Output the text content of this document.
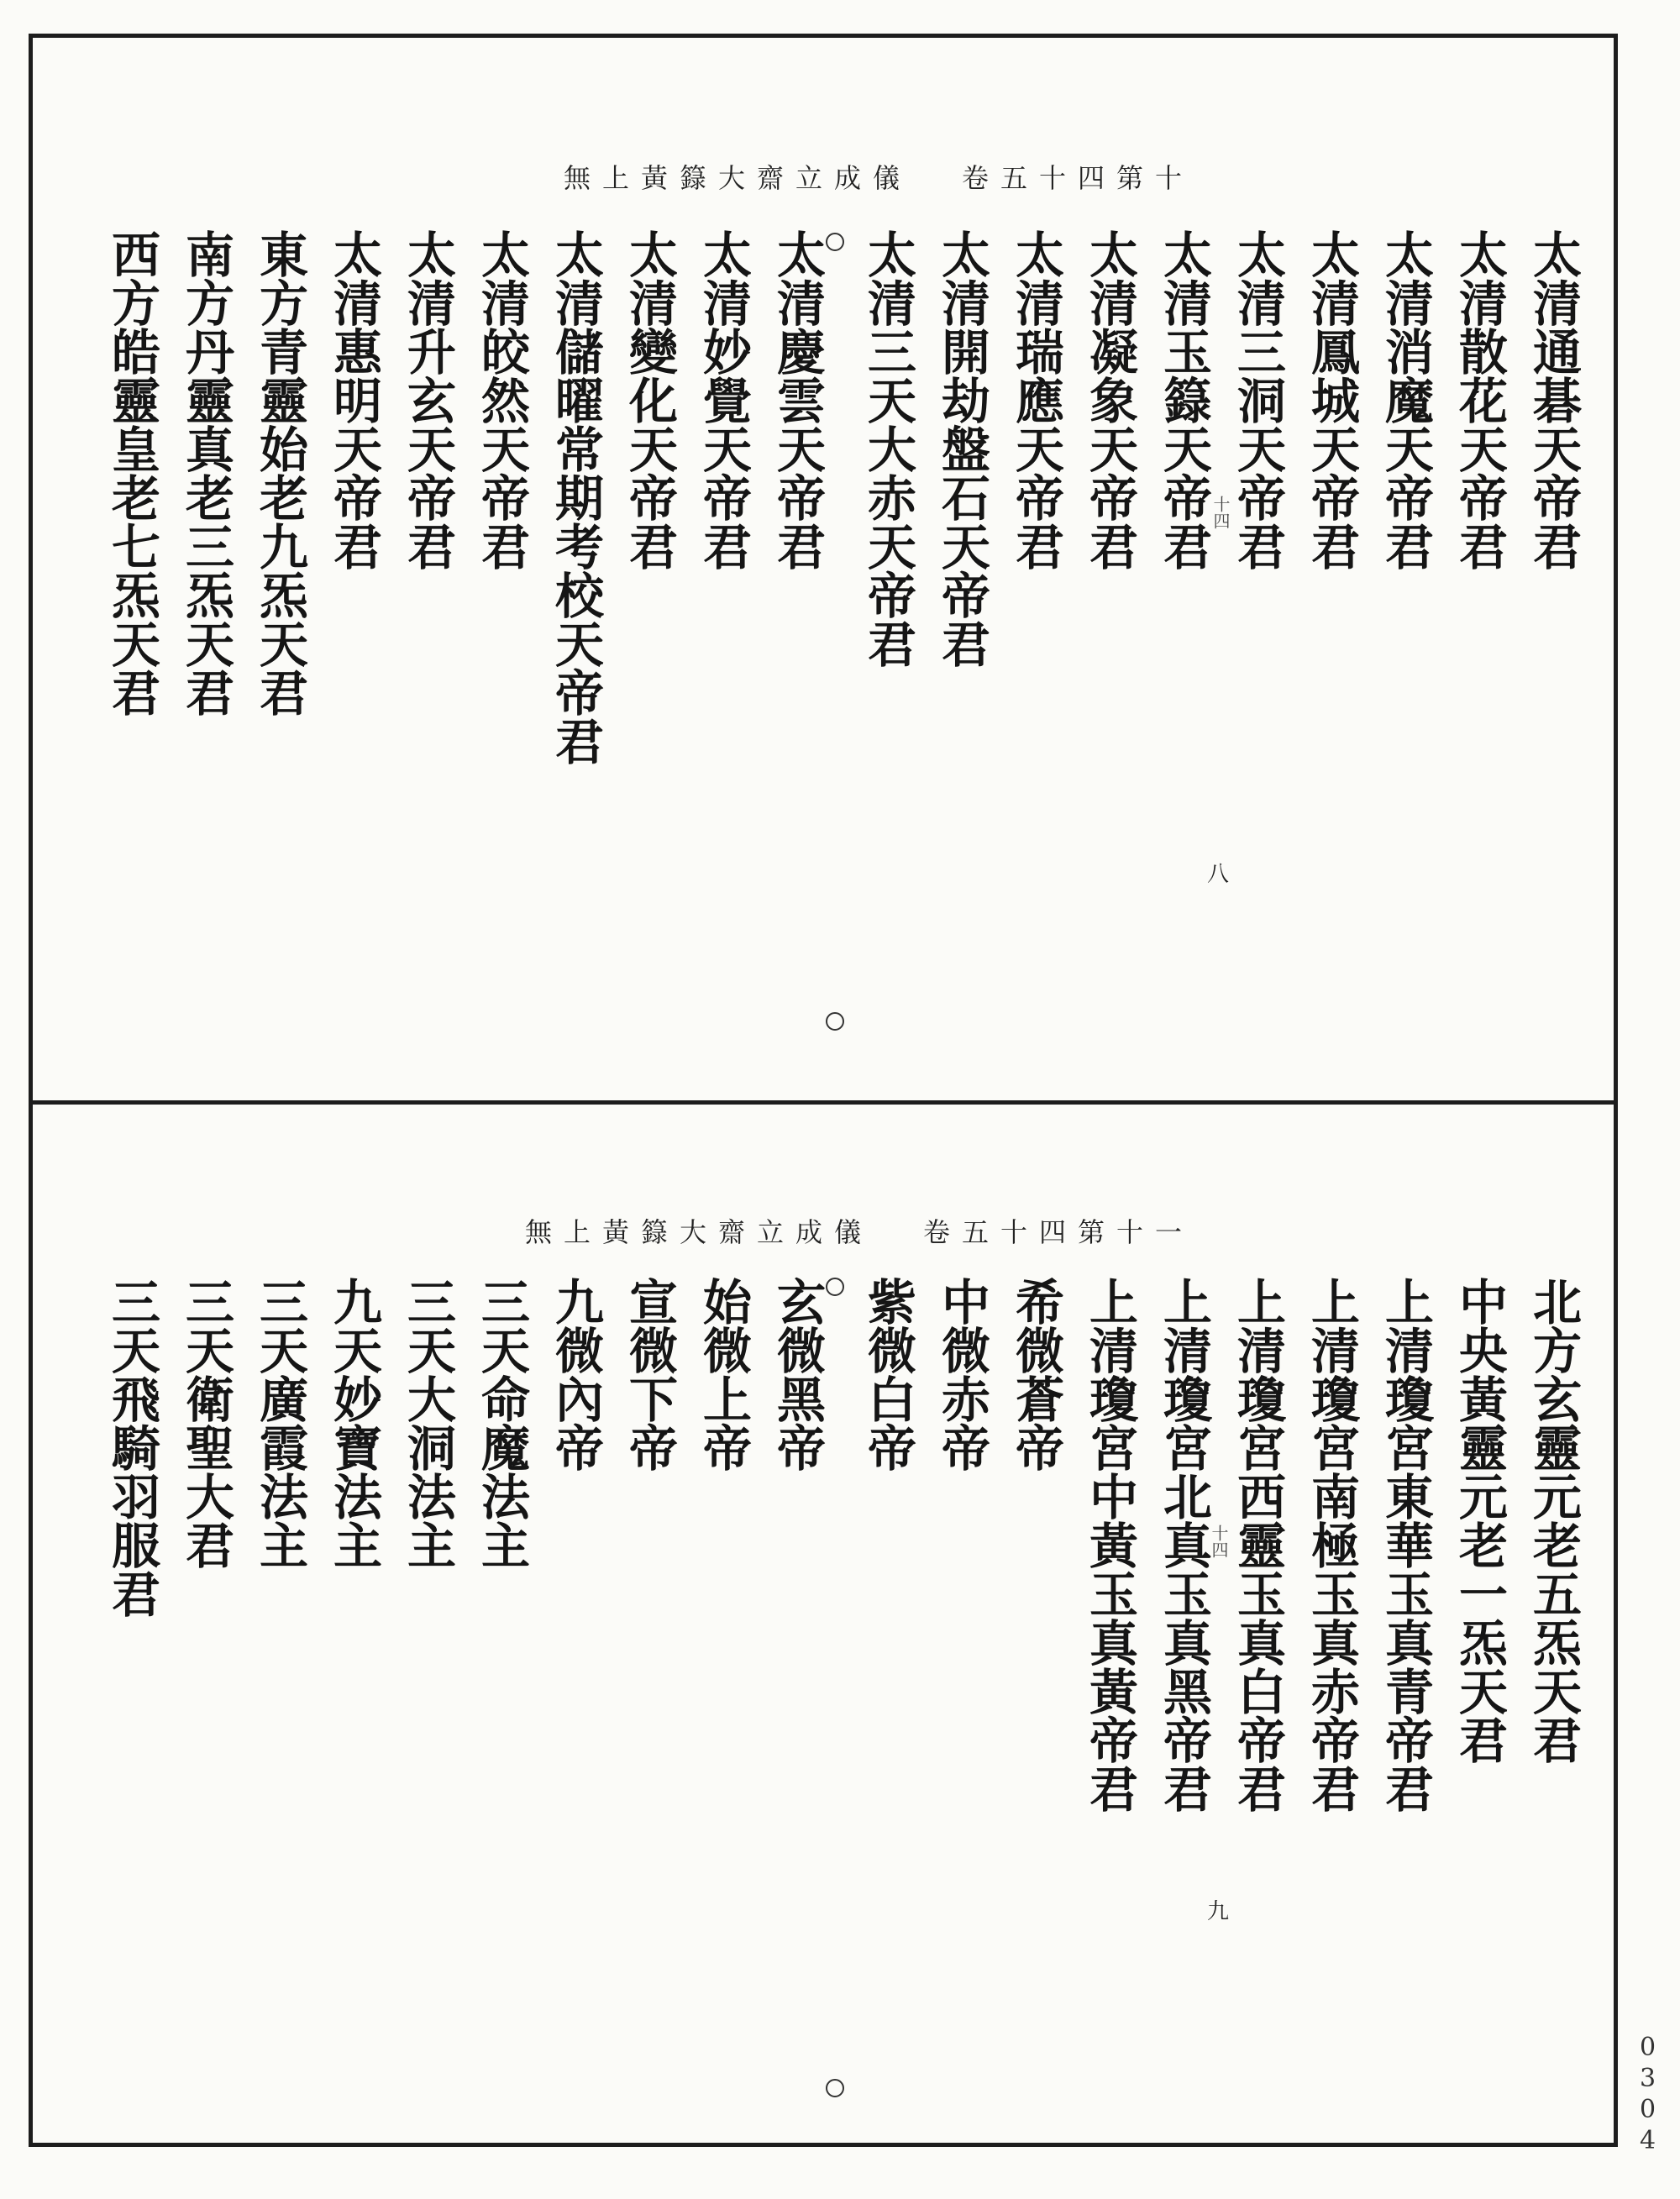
無上黃籙大齋立成儀 卷五十四第十
太清通碁天帝君
太清散花天帝君
太清消魔天帝君
太清鳳城天帝君
太清三洞天帝君
太清玉籙天帝君
太清凝象天帝君
太清瑞應天帝君
太清開劫盤石天帝君
太清三天大赤天帝君
太清慶雲天帝君
太清妙覺天帝君
太清變化天帝君
太清儲曜常期考校天帝君
太清皎然天帝君
太清升玄天帝君
太清惠明天帝君
東方青靈始老九炁天君
南方丹靈真老三炁天君
西方皓靈皇老七炁天君	十四
八
無上黃籙大齋立成儀 卷五十四第十一
北方玄靈元老五炁天君
中央黃靈元老一炁天君
上清瓊宮東華玉真青帝君
上清瓊宮南極玉真赤帝君
上清瓊宮西靈玉真白帝君
上清瓊宮北真玉真黑帝君
上清瓊宮中黃玉真黃帝君
希微蒼帝
中微赤帝
紫微白帝
玄微黑帝
始微上帝
宣微下帝
九微內帝
三天命魔法主
三天大洞法主
九天妙寶法主
三天廣霞法主
三天衛聖大君
三天飛騎羽服君	十四
九
0304
